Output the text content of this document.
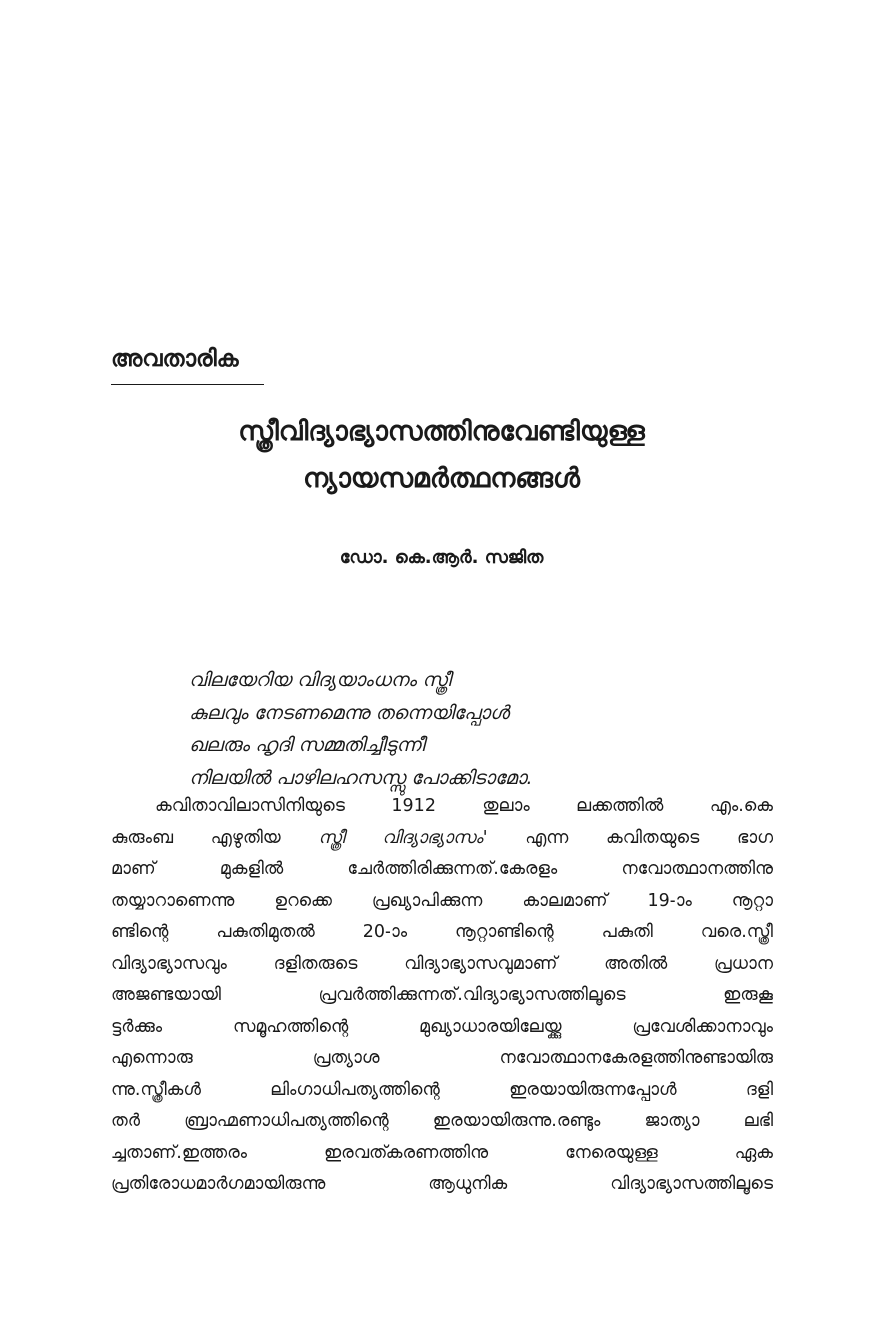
അവതാരിക
സ്ത്രീവിദ്യാഭ്യാസത്തിനുവേണ്ടിയുള്ള
ന്യായസമർത്ഥനങ്ങൾ
ഡോ. കെ.ആർ. സജിത
വിലയേറിയ വിദ്യയാംധനം സ്ത്രീ
കുലവും നേടണമെന്നു തന്നെയിപ്പോൾ
ഖലരും ഹൃദി സമ്മതിച്ചീടുന്നീ
നിലയിൽ പാഴിലഹസസ്സു പോക്കിടാമോ.
കവിതാവിലാസിനിയുടെ 1912 തുലാം ലക്കത്തിൽ എം.കെ
കുരുംബ എഴുതിയ സ്ത്രീ വിദ്യാഭ്യാസം' എന്ന കവിതയുടെ ഭാഗ
മാണ് മുകളിൽ ചേർത്തിരിക്കുന്നത്.കേരളം നവോത്ഥാനത്തിനു
തയ്യാറാണെന്നു ഉറക്കെ പ്രഖ്യാപിക്കുന്ന കാലമാണ് 19-ാം നൂറ്റാ
ണ്ടിന്റെ പകുതിമുതൽ 20-ാം നൂറ്റാണ്ടിന്റെ പകുതി വരെ.സ്ത്രീ
വിദ്യാഭ്യാസവും ദളിതരുടെ വിദ്യാഭ്യാസവുമാണ് അതിൽ പ്രധാന
അജണ്ടയായി പ്രവർത്തിക്കുന്നത്.വിദ്യാഭ്യാസത്തിലൂടെ ഇരുകൂ
ട്ടർക്കും സമൂഹത്തിന്റെ മുഖ്യാധാരയിലേയ്ക്കു പ്രവേശിക്കാനാവും
എന്നൊരു പ്രത്യാശ നവോത്ഥാനകേരളത്തിനുണ്ടായിരു
ന്നു.സ്ത്രീകൾ ലിംഗാധിപത്യത്തിന്റെ ഇരയായിരുന്നപ്പോൾ ദളി
തർ ബ്രാഹ്മണാധിപത്യത്തിന്റെ ഇരയായിരുന്നു.രണ്ടും ജാത്യാ ലഭി
ച്ചതാണ്.ഇത്തരം ഇരവത്കരണത്തിനു നേരെയുള്ള ഏക
പ്രതിരോധമാർഗമായിരുന്നു ആധുനിക വിദ്യാഭ്യാസത്തിലൂടെ
